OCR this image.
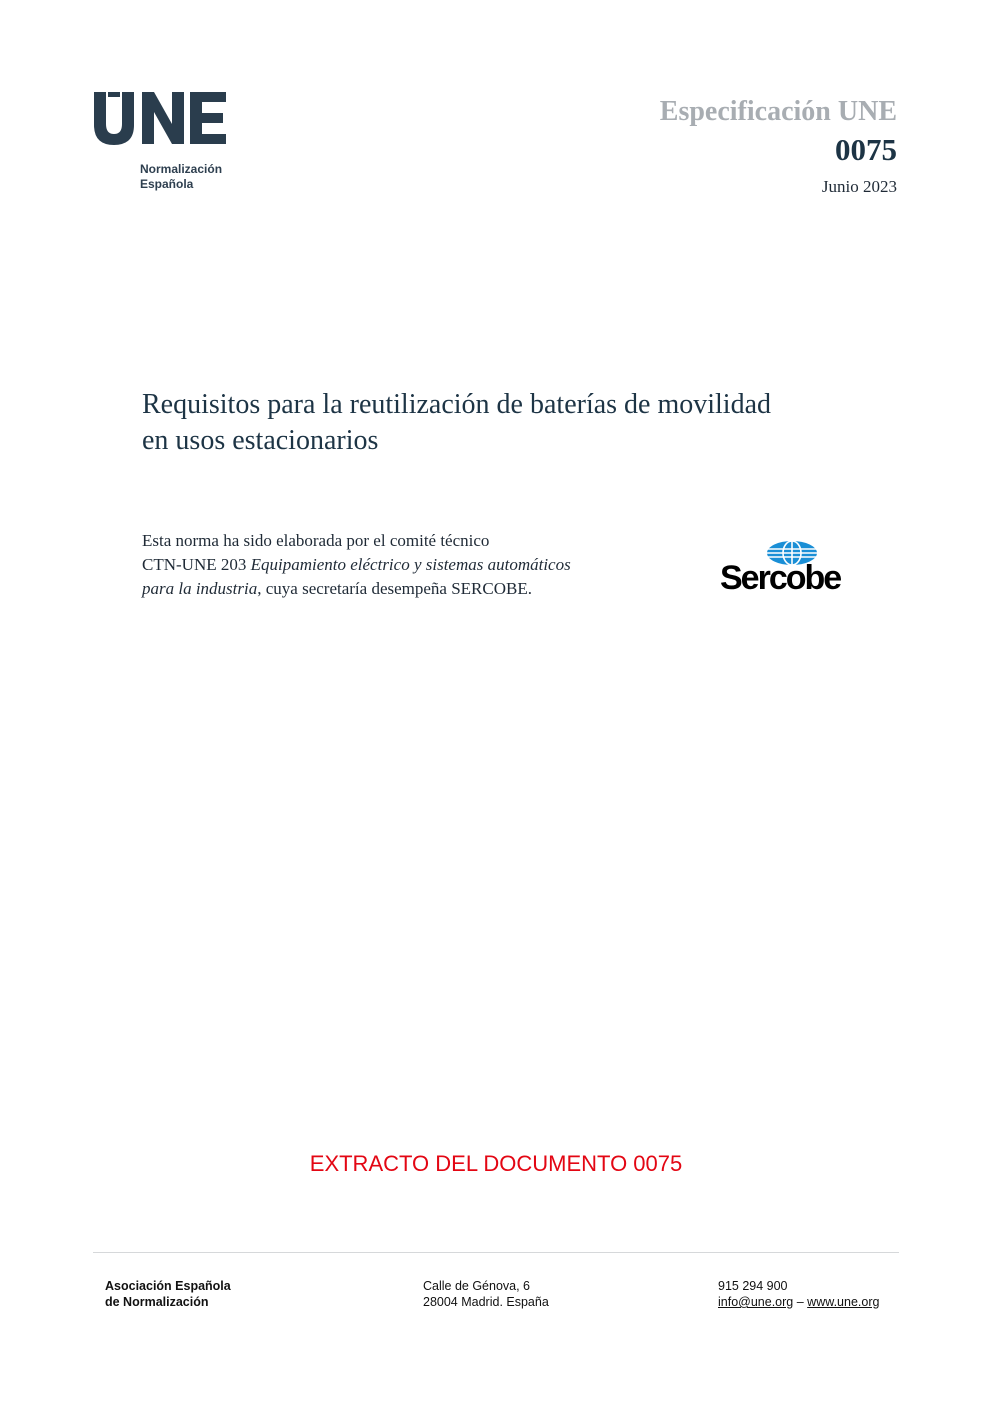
Normalización
Española
Especificación UNE
0075
Junio 2023
Requisitos para la reutilización de baterías de movilidad
en usos estacionarios
Esta norma ha sido elaborada por el comité técnico
CTN-UNE 203 Equipamiento eléctrico y sistemas automáticos
para la industria, cuya secretaría desempeña SERCOBE.	Sercobe
EXTRACTO DEL DOCUMENTO 0075
Asociación Española
de Normalización
Calle de Génova, 6
28004 Madrid. España
915 294 900
info@une.org – www.une.org
